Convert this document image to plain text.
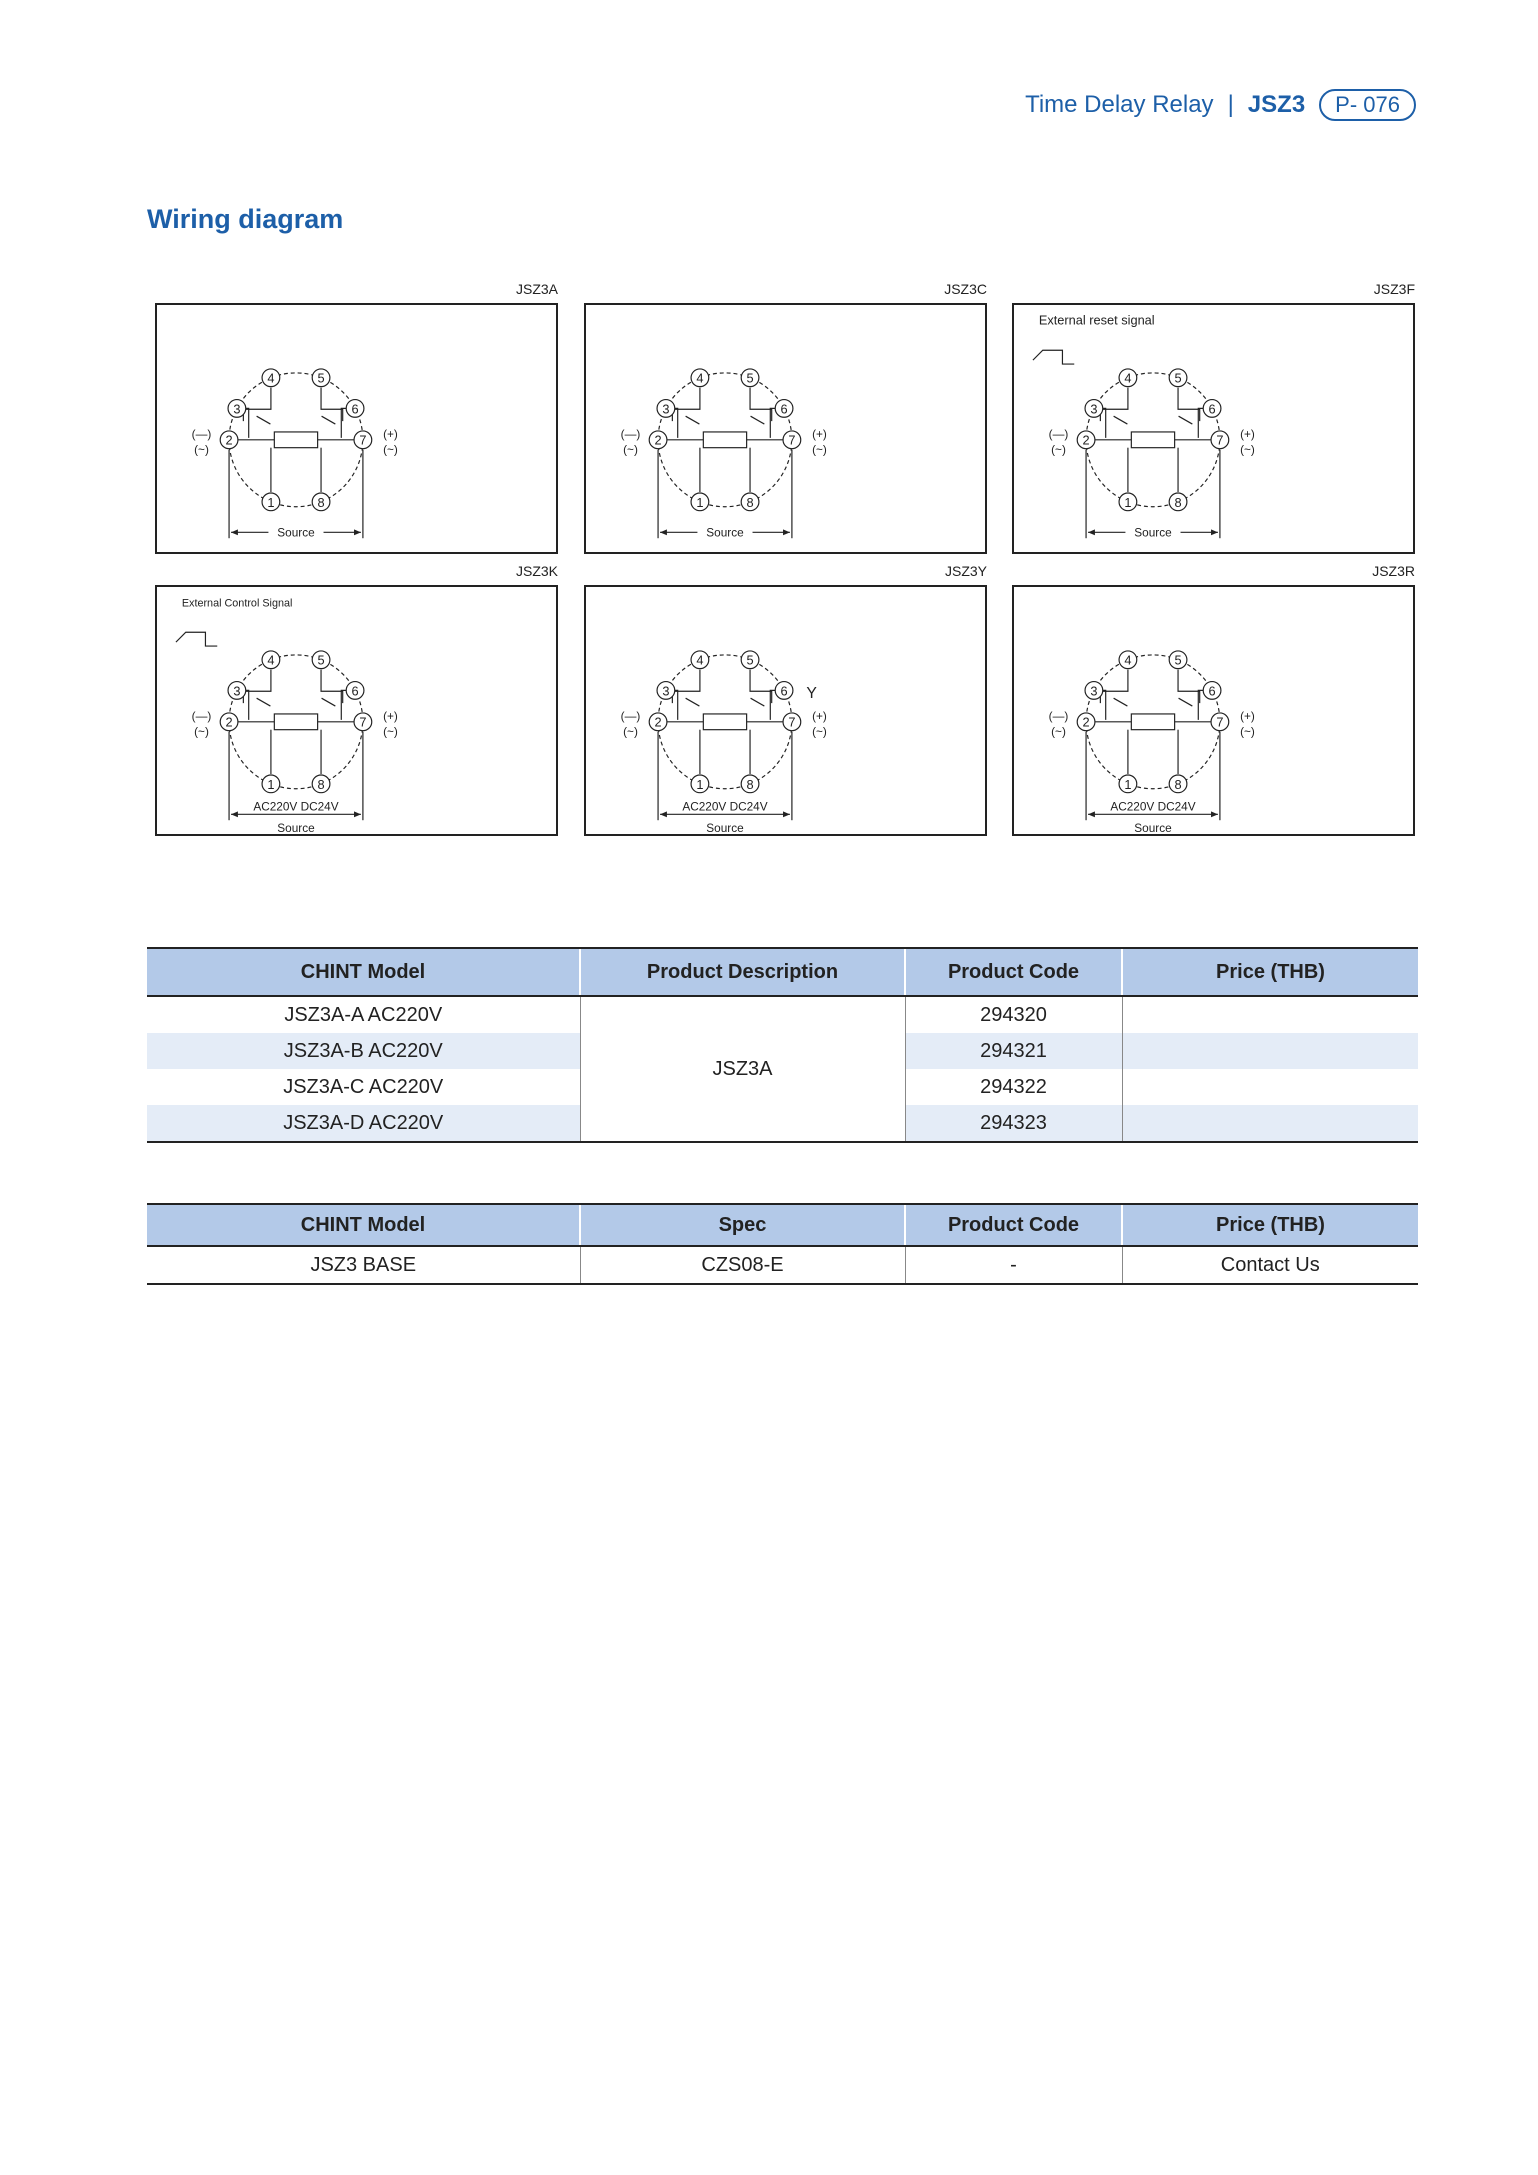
Time Delay Relay | JSZ3	P- 076
Wiring diagram
JSZ3A
1
2
3
4	5
6
7
8
(—)
(~)
(+)
(~)
Source
JSZ3C
1
2
3
4	5
6
7
8
(—)
(~)
(+)
(~)
Source
JSZ3F
1
2
3
4	5
6
7
8
(—)
(~)
(+)
(~)
External reset signal
Source
JSZ3K
1
2
3
4	5
6
7
8
(—)
(~)
(+)
(~)
External Control Signal
AC220V DC24V
Source
JSZ3Y
1
2
3
4	5
6
7
8
(—)
(~)
(+)
(~)
Y
AC220V DC24V
Source
JSZ3R
1
2
3
4	5
6
7
8
(—)
(~)
(+)
(~)
AC220V DC24V
Source
CHINT Model	Product Description	Product Code	Price (THB)
JSZ3A-A AC220V	JSZ3A	294320	
JSZ3A-B AC220V		294321	
JSZ3A-C AC220V		294322	
JSZ3A-D AC220V		294323	
CHINT Model	Spec	Product Code	Price (THB)
JSZ3 BASE	CZS08-E	-	Contact Us
